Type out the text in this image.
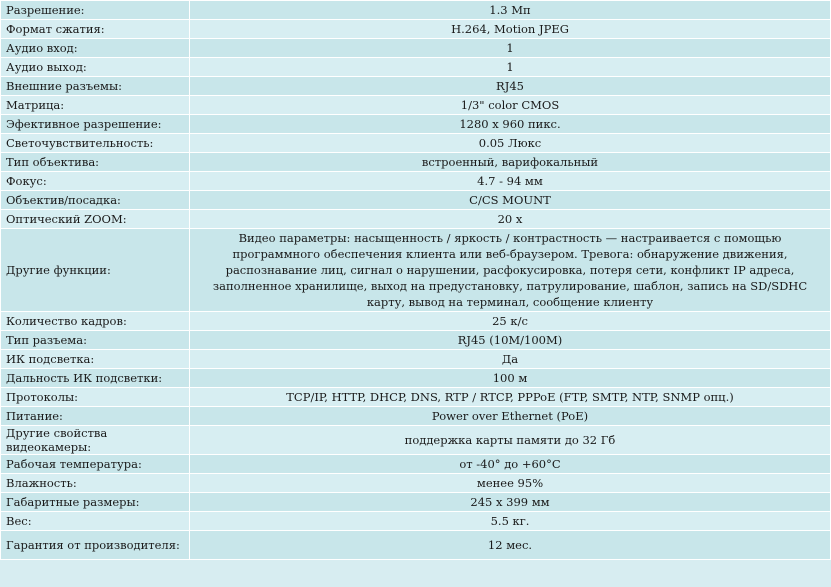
Разрешение:	1.3 Мп
Формат сжатия:	H.264, Motion JPEG
Аудио вход:	1
Аудио выход:	1
Внешние разъемы:	RJ45
Матрица:	1/3" color CMOS
Эфективное разрешение:	1280 x 960 пикс.
Светочувствительность:	0.05 Люкс
Тип объектива:	встроенный, варифокальный
Фокус:	4.7 - 94 мм
Объектив/посадка:	C/CS MOUNT
Оптический ZOOM:	20 x
Другие функции:	Видео параметры: насыщенность / яркость / контрастность — настраивается с помощью программного обеспечения клиента или веб-браузером. Тревога: обнаружение движения, распознавание лиц, сигнал о нарушении, расфокусировка, потеря сети, конфликт IP адреса, заполненное хранилище, выход на предустановку, патрулирование, шаблон, запись на SD/SDHC карту, вывод на терминал, сообщение клиенту
Количество кадров:	25 к/с
Тип разъема:	RJ45 (10M/100M)
ИК подсветка:	Да
Дальность ИК подсветки:	100 м
Протоколы:	TCP/IP, HTTP, DHCP, DNS, RTP / RTCP, PPPoE (FTP, SMTP, NTP, SNMP опц.)
Питание:	Power over Ethernet (PoE)
Другие свойства видеокамеры:	поддержка карты памяти до 32 Гб
Рабочая температура:	от -40° до +60°C
Влажность:	менее 95%
Габаритные размеры:	245 x 399 мм
Вес:	5.5 кг.
Гарантия от производителя:	12 мес.
